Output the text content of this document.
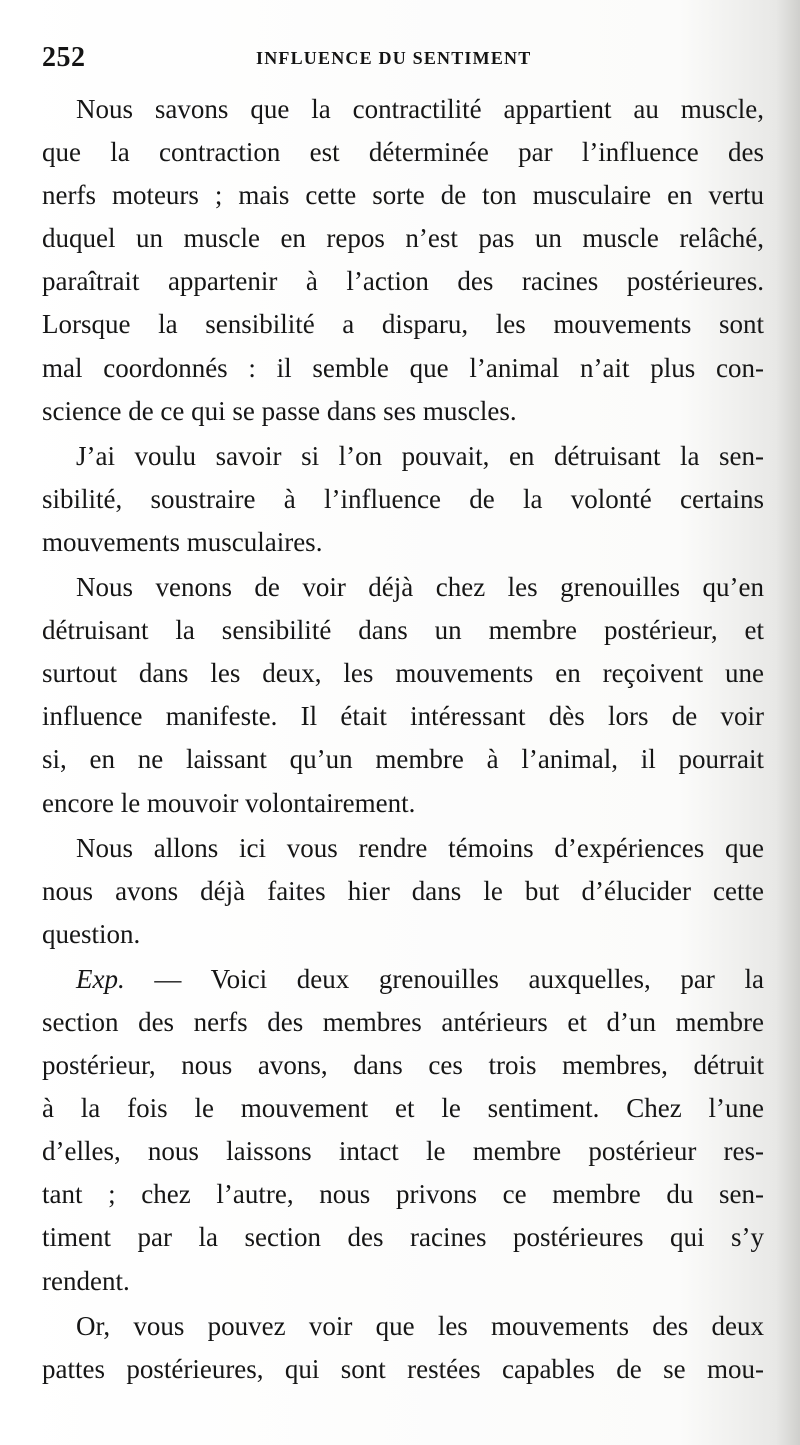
252	INFLUENCE DU SENTIMENT
Nous savons que la contractilité appartient au muscle,
que la contraction est déterminée par l’influence des
nerfs moteurs ; mais cette sorte de ton musculaire en vertu
duquel un muscle en repos n’est pas un muscle relâché,
paraîtrait appartenir à l’action des racines postérieures.
Lorsque la sensibilité a disparu, les mouvements sont
mal coordonnés : il semble que l’animal n’ait plus con-
science de ce qui se passe dans ses muscles.
J’ai voulu savoir si l’on pouvait, en détruisant la sen-
sibilité, soustraire à l’influence de la volonté certains
mouvements musculaires.
Nous venons de voir déjà chez les grenouilles qu’en
détruisant la sensibilité dans un membre postérieur, et
surtout dans les deux, les mouvements en reçoivent une
influence manifeste. Il était intéressant dès lors de voir
si, en ne laissant qu’un membre à l’animal, il pourrait
encore le mouvoir volontairement.
Nous allons ici vous rendre témoins d’expériences que
nous avons déjà faites hier dans le but d’élucider cette
question.
Exp. — Voici deux grenouilles auxquelles, par la
section des nerfs des membres antérieurs et d’un membre
postérieur, nous avons, dans ces trois membres, détruit
à la fois le mouvement et le sentiment. Chez l’une
d’elles, nous laissons intact le membre postérieur res-
tant ; chez l’autre, nous privons ce membre du sen-
timent par la section des racines postérieures qui s’y
rendent.
Or, vous pouvez voir que les mouvements des deux
pattes postérieures, qui sont restées capables de se mou-
